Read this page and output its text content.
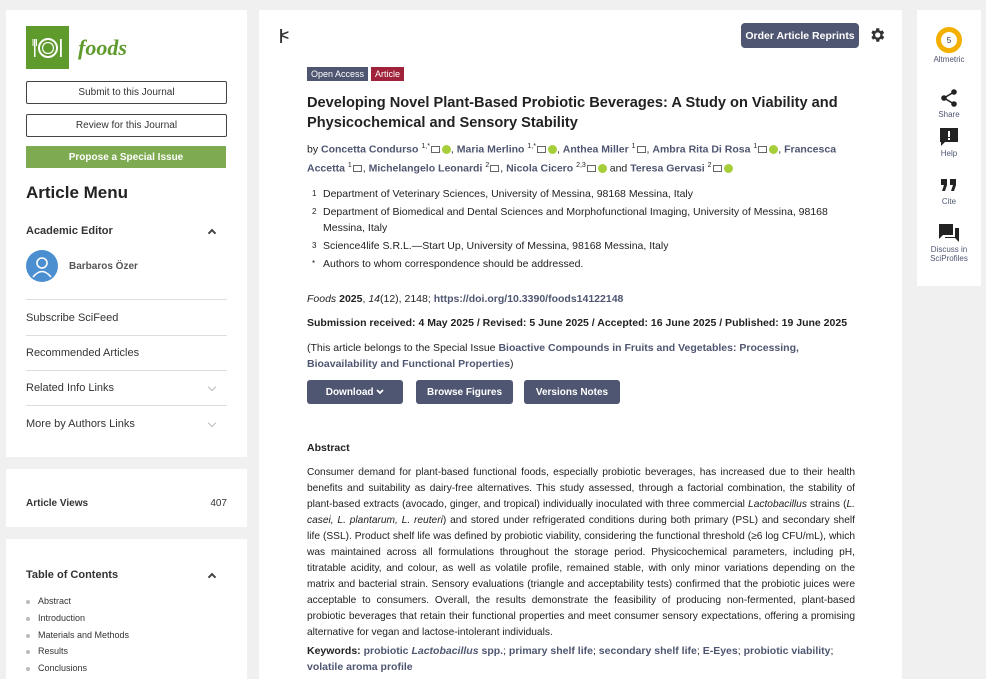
foods
Submit to this Journal
Review for this Journal
Propose a Special Issue
Article Menu
Academic Editor
Barbaros Özer
Subscribe SciFeed
Recommended Articles
Related Info Links
More by Authors Links
Article Views	407
Table of Contents
Abstract
Introduction
Materials and Methods
Results
Conclusions
|<	Order Article Reprints
Open Access	Article
Developing Novel Plant-Based Probiotic Beverages: A Study on Viability and Physicochemical and Sensory Stability
by Concetta Condurso $^{1,*}$ , Maria Merlino $^{1,*}$ , Anthea Miller $^1$ , Ambra Rita Di Rosa $^1$ , Francesca Accetta $^1$ , Michelangelo Leonardi $^2$ , Nicola Cicero $^{2,3}$ and Teresa Gervasi $^2$
1 Department of Veterinary Sciences, University of Messina, 98168 Messina, Italy
2 Department of Biomedical and Dental Sciences and Morphofunctional Imaging, University of Messina, 98168 Messina, Italy
3 Science4life S.R.L.—Start Up, University of Messina, 98168 Messina, Italy
* Authors to whom correspondence should be addressed.
Foods 2025, 14(12), 2148; https://doi.org/10.3390/foods14122148
Submission received: 4 May 2025 / Revised: 5 June 2025 / Accepted: 16 June 2025 / Published: 19 June 2025
(This article belongs to the Special Issue Bioactive Compounds in Fruits and Vegetables: Processing, Bioavailability and Functional Properties)
Download
	Browse Figures	Versions Notes
Abstract

Consumer demand for plant-based functional foods, especially probiotic beverages, has increased due to their health benefits and suitability as dairy-free alternatives. This study assessed, through a factorial combination, the stability of plant-based extracts (avocado, ginger, and tropical) individually inoculated with three commercial Lactobacillus strains (L. casei, L. plantarum, L. reuteri) and stored under refrigerated conditions during both primary (PSL) and secondary shelf life (SSL). Product shelf life was defined by probiotic viability, considering the functional threshold (≥6 log CFU/mL), which was maintained across all formulations throughout the storage period. Physicochemical parameters, including pH, titratable acidity, and colour, as well as volatile profile, remained stable, with only minor variations depending on the matrix and bacterial strain. Sensory evaluations (triangle and acceptability tests) confirmed that the probiotic juices were acceptable to consumers. Overall, the results demonstrate the feasibility of producing non-fermented, plant-based probiotic beverages that retain their functional properties and meet consumer sensory expectations, offering a promising alternative for vegan and lactose-intolerant individuals.

Keywords: probiotic Lactobacillus spp.; primary shelf life; secondary shelf life; E-Eyes; probiotic viability; volatile aroma profile

5
Altmetric
Share
Help
Cite
Discuss in SciProfiles
